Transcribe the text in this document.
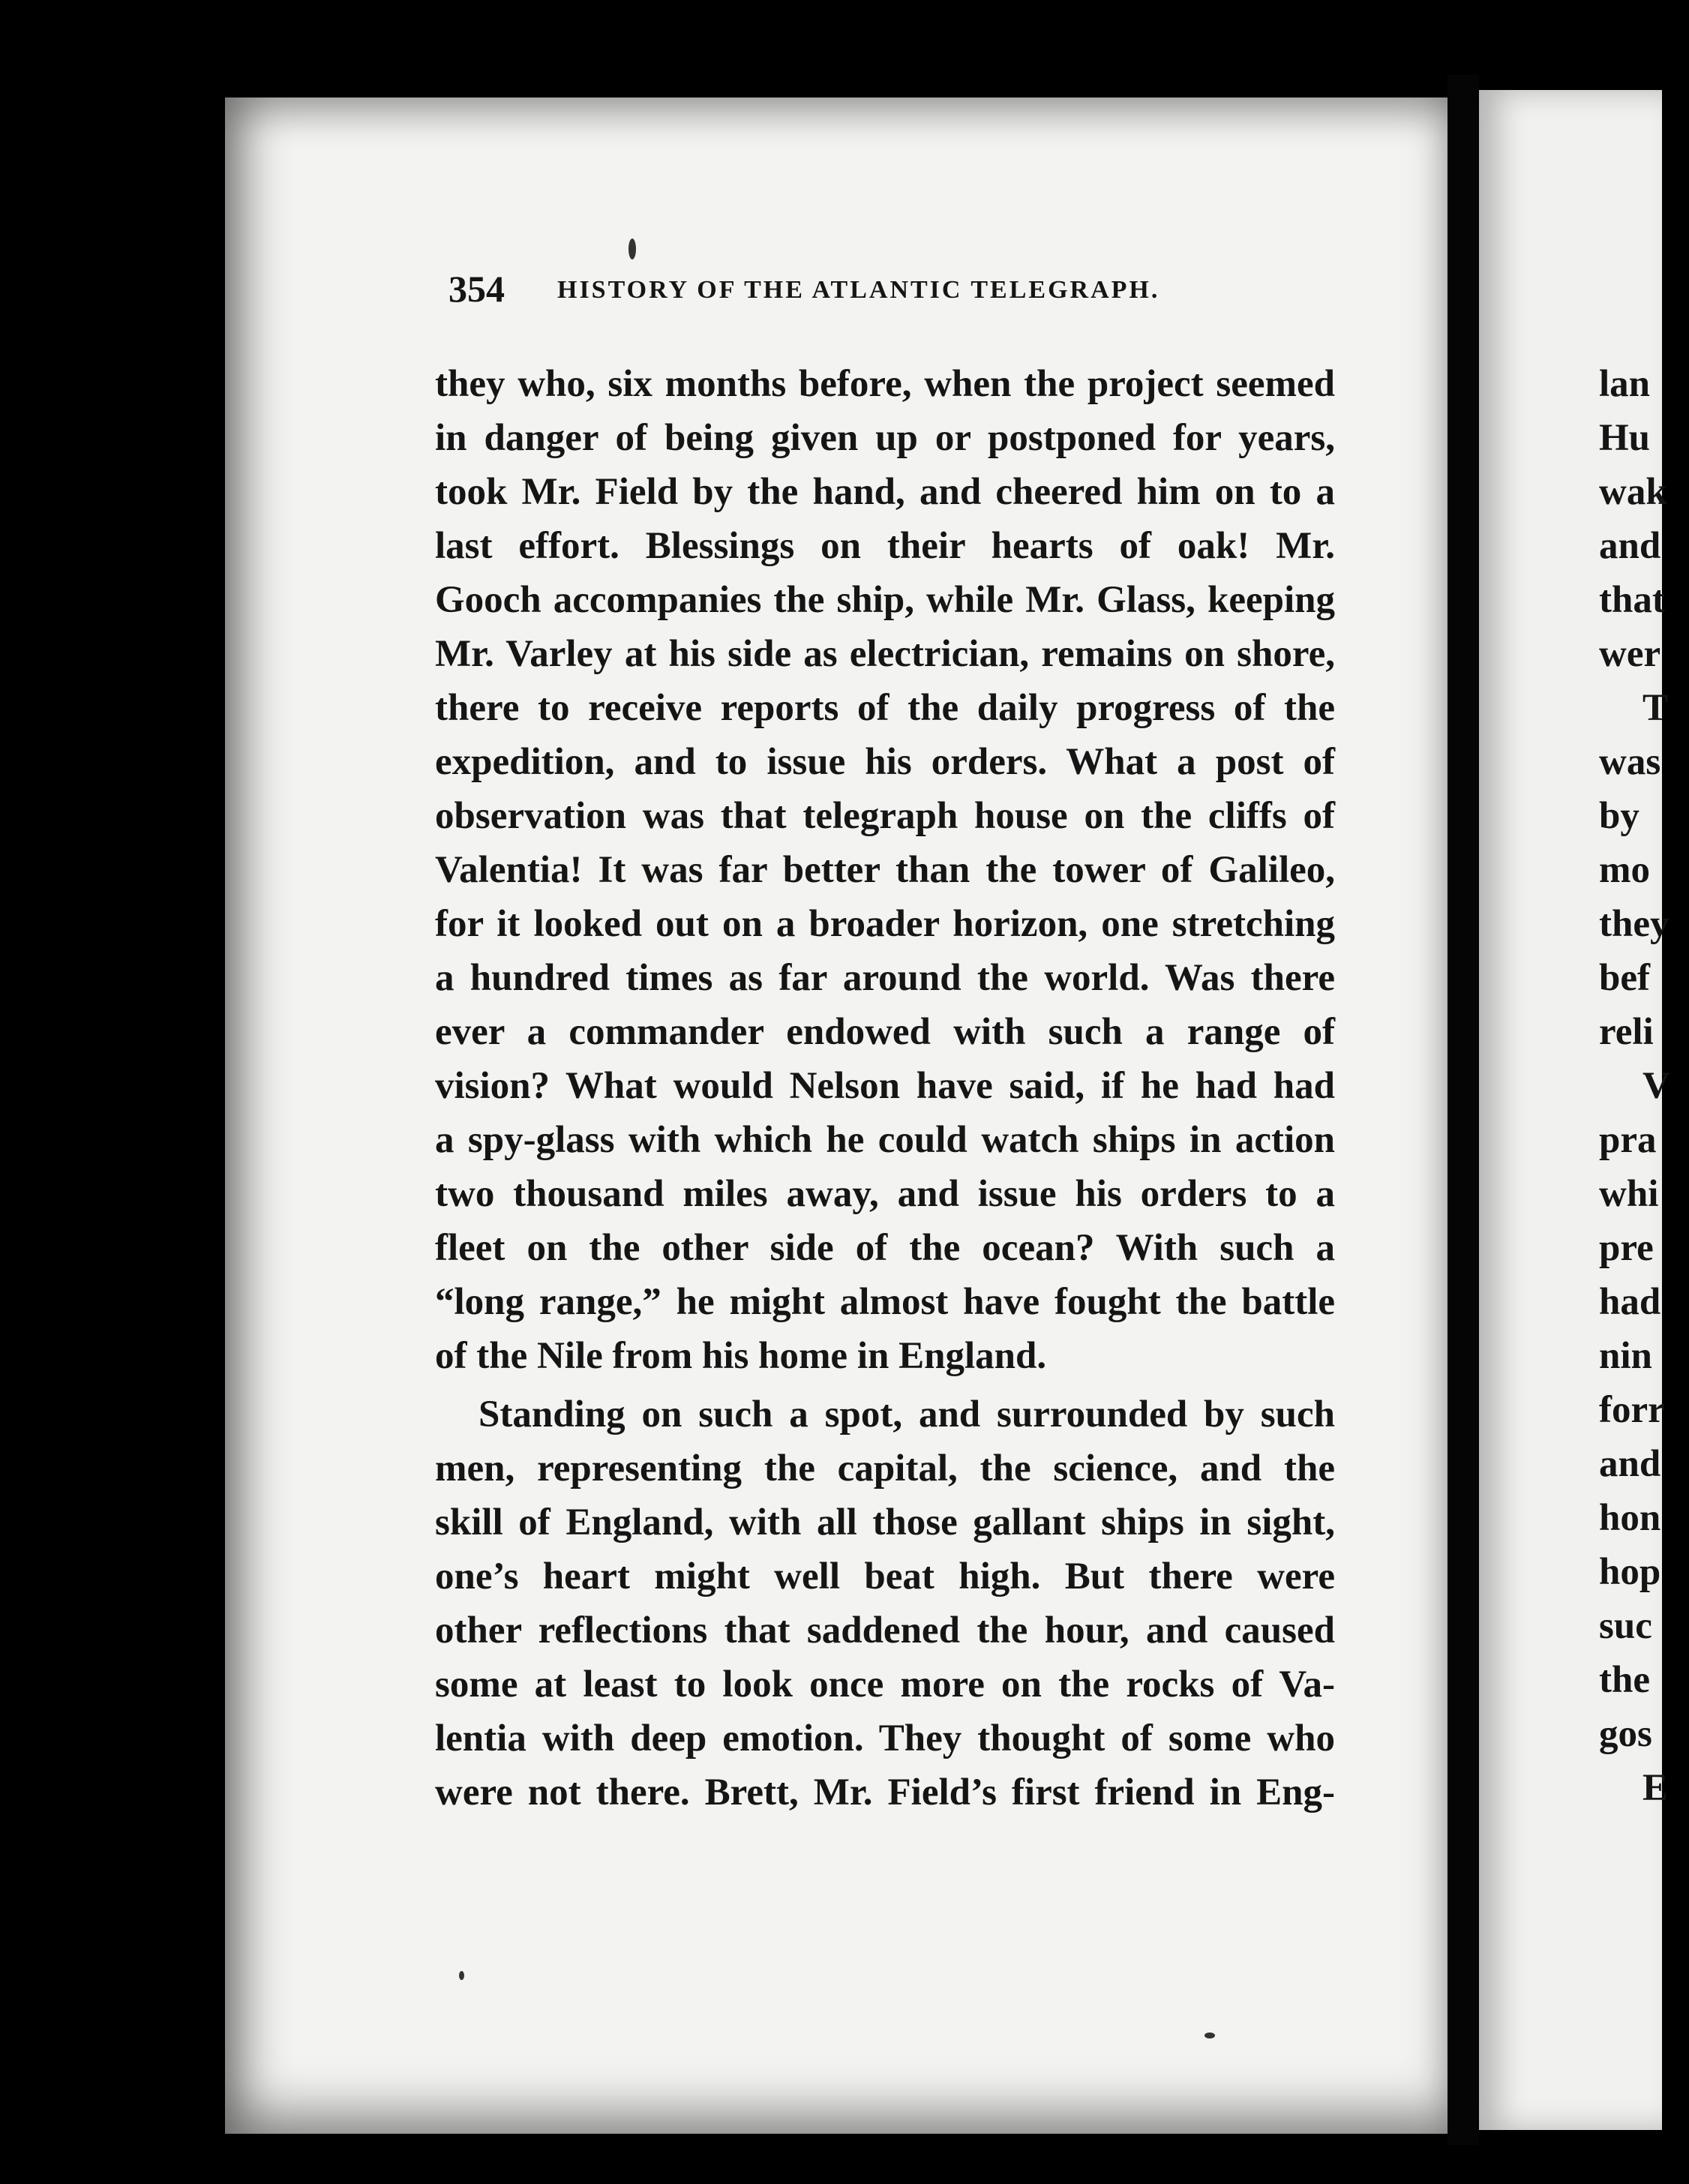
354 HISTORY OF THE ATLANTIC TELEGRAPH.
they who, six months before, when the project seemed
in danger of being given up or postponed for years,
took Mr. Field by the hand, and cheered him on to a
last effort. Blessings on their hearts of oak! Mr.
Gooch accompanies the ship, while Mr. Glass, keeping
Mr. Varley at his side as electrician, remains on shore,
there to receive reports of the daily progress of the
expedition, and to issue his orders. What a post of
observation was that telegraph house on the cliffs of
Valentia! It was far better than the tower of Galileo,
for it looked out on a broader horizon, one stretching
a hundred times as far around the world. Was there
ever a commander endowed with such a range of
vision? What would Nelson have said, if he had had
a spy-glass with which he could watch ships in action
two thousand miles away, and issue his orders to a
fleet on the other side of the ocean? With such a
“long range,” he might almost have fought the battle
of the Nile from his home in England.
Standing on such a spot, and surrounded by such
men, representing the capital, the science, and the
skill of England, with all those gallant ships in sight,
one’s heart might well beat high. But there were
other reflections that saddened the hour, and caused
some at least to look once more on the rocks of Va-
lentia with deep emotion. They thought of some who
were not there. Brett, Mr. Field’s first friend in Eng-
lan
Hu
wak
and
that
wer
T
was
by
mo
they
bef
reli
V
pra
whi
pre
had
nin
forr
and
hon
hop
suc
the
gos
E
